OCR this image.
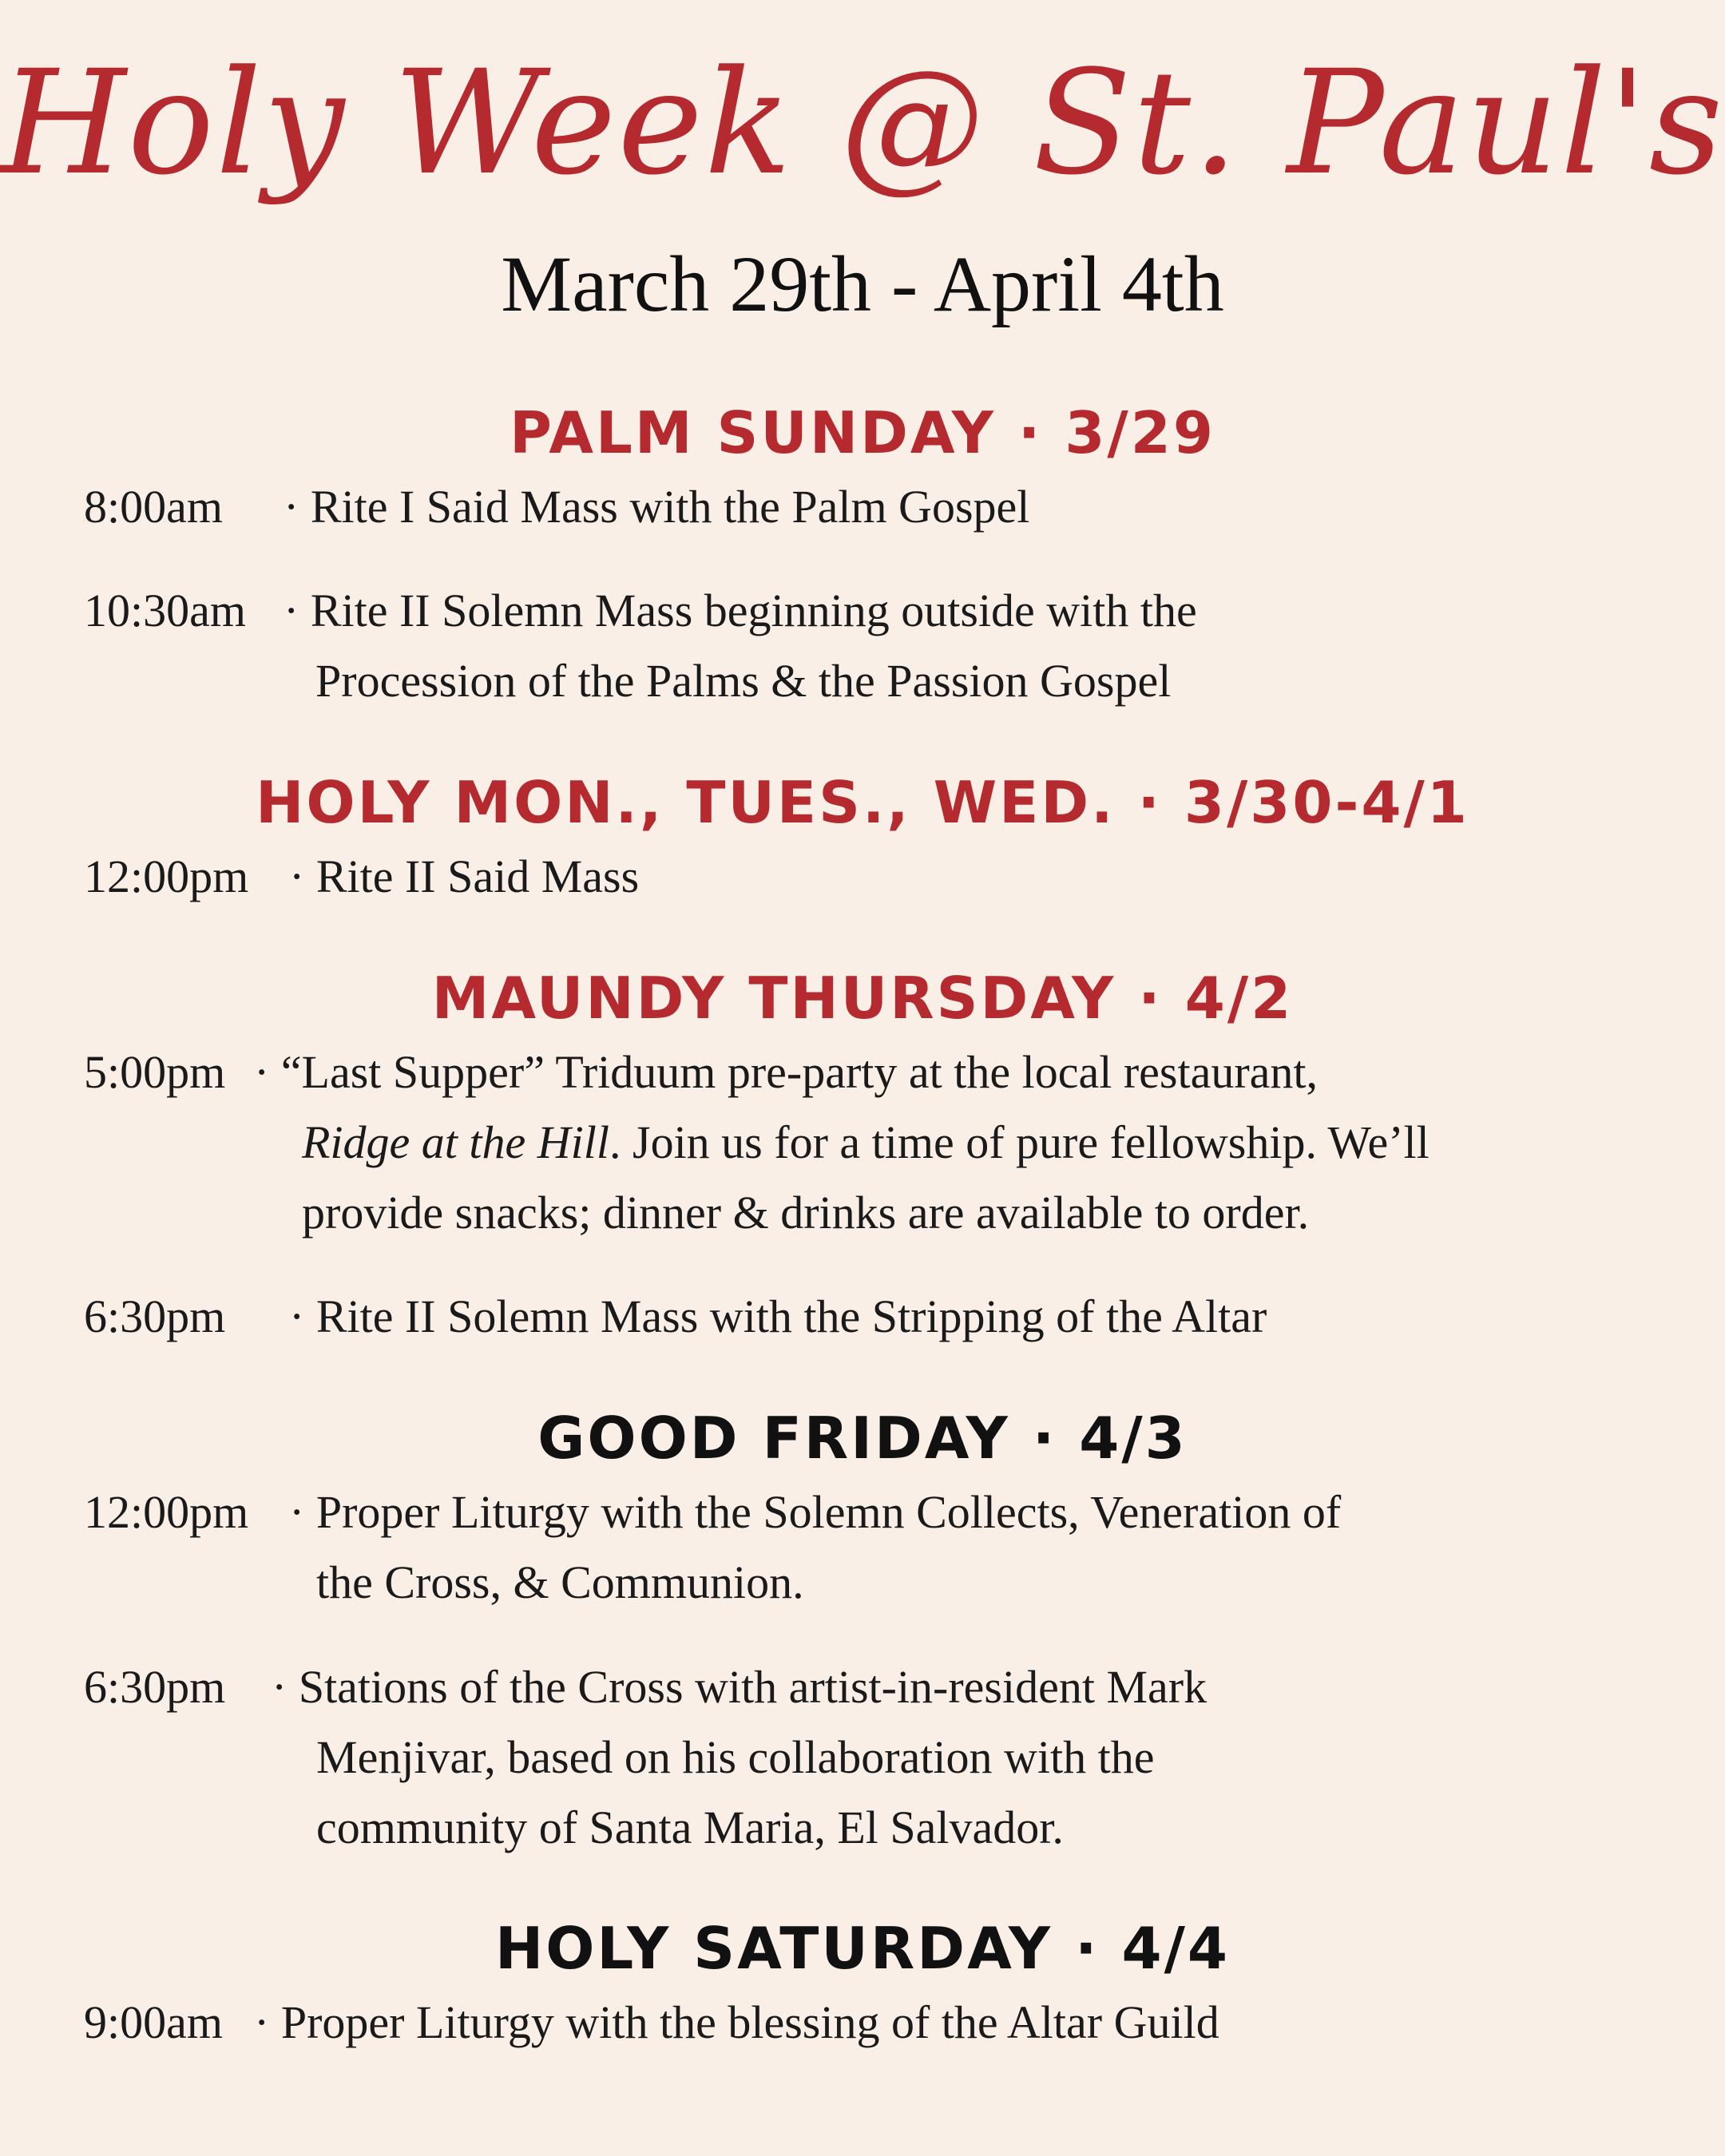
Holy Week @ St. Paul's
March 29th - April 4th
PALM SUNDAY · 3/29
8:00am · Rite I Said Mass with the Palm Gospel
10:30am · Rite II Solemn Mass beginning outside with the
Procession of the Palms & the Passion Gospel
HOLY MON., TUES., WED. · 3/30-4/1
12:00pm · Rite II Said Mass
MAUNDY THURSDAY · 4/2
5:00pm · “Last Supper” Triduum pre-party at the local restaurant,
Ridge at the Hill. Join us for a time of pure fellowship. We’ll
provide snacks; dinner & drinks are available to order.
6:30pm · Rite II Solemn Mass with the Stripping of the Altar
GOOD FRIDAY · 4/3
12:00pm · Proper Liturgy with the Solemn Collects, Veneration of
the Cross, & Communion.
6:30pm · Stations of the Cross with artist-in-resident Mark
Menjivar, based on his collaboration with the
community of Santa Maria, El Salvador.
HOLY SATURDAY · 4/4
9:00am · Proper Liturgy with the blessing of the Altar Guild
